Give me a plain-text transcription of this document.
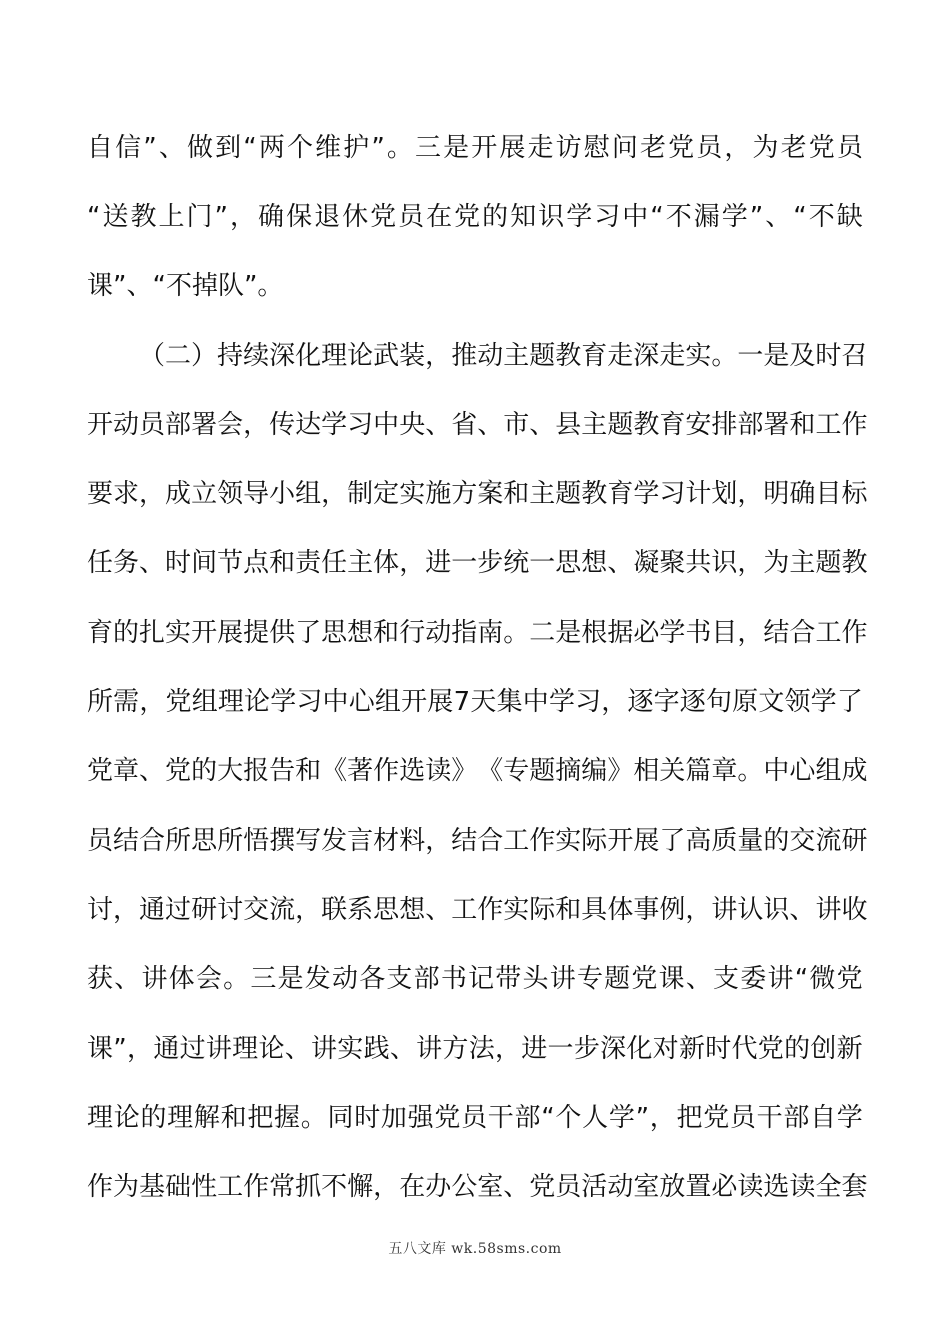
自 信 ” 、 做 到 “ 两 个 维 护 ” 。 三 是 开 展 走 访 慰 问 老 党 员 ， 为 老 党 员
“ 送 教 上 门 ” ， 确 保 退 休 党 员 在 党 的 知 识 学 习 中 “ 不 漏 学 ” 、 “ 不 缺
课”、“不掉队”。
（ 二 ） 持 续 深 化 理 论 武 装 ， 推 动 主 题 教 育 走 深 走 实 。 一 是 及 时 召
开 动 员 部 署 会 ， 传 达 学 习 中 央 、 省 、 市 、 县 主 题 教 育 安 排 部 署 和 工 作
要 求 ， 成 立 领 导 小 组 ， 制 定 实 施 方 案 和 主 题 教 育 学 习 计 划 ， 明 确 目 标
任 务 、 时 间 节 点 和 责 任 主 体 ， 进 一 步 统 一 思 想 、 凝 聚 共 识 ， 为 主 题 教
育 的 扎 实 开 展 提 供 了 思 想 和 行 动 指 南 。 二 是 根 据 必 学 书 目 ， 结 合 工 作
所 需 ， 党 组 理 论 学 习 中 心 组 开 展 7 天 集 中 学 习 ， 逐 字 逐 句 原 文 领 学 了
党 章 、 党 的 大 报 告 和 《 著 作 选 读 》 《 专 题 摘 编 》 相 关 篇 章 。 中 心 组 成
员 结 合 所 思 所 悟 撰 写 发 言 材 料 ， 结 合 工 作 实 际 开 展 了 高 质 量 的 交 流 研
讨 ， 通 过 研 讨 交 流 ， 联 系 思 想 、 工 作 实 际 和 具 体 事 例 ， 讲 认 识 、 讲 收
获 、 讲 体 会 。 三 是 发 动 各 支 部 书 记 带 头 讲 专 题 党 课 、 支 委 讲 “ 微 党
课 ” ， 通 过 讲 理 论 、 讲 实 践 、 讲 方 法 ， 进 一 步 深 化 对 新 时 代 党 的 创 新
理 论 的 理 解 和 把 握 。 同 时 加 强 党 员 干 部 “ 个 人 学 ” ， 把 党 员 干 部 自 学
作 为 基 础 性 工 作 常 抓 不 懈 ， 在 办 公 室 、 党 员 活 动 室 放 置 必 读 选 读 全 套
五八文库 wk.58sms.com
